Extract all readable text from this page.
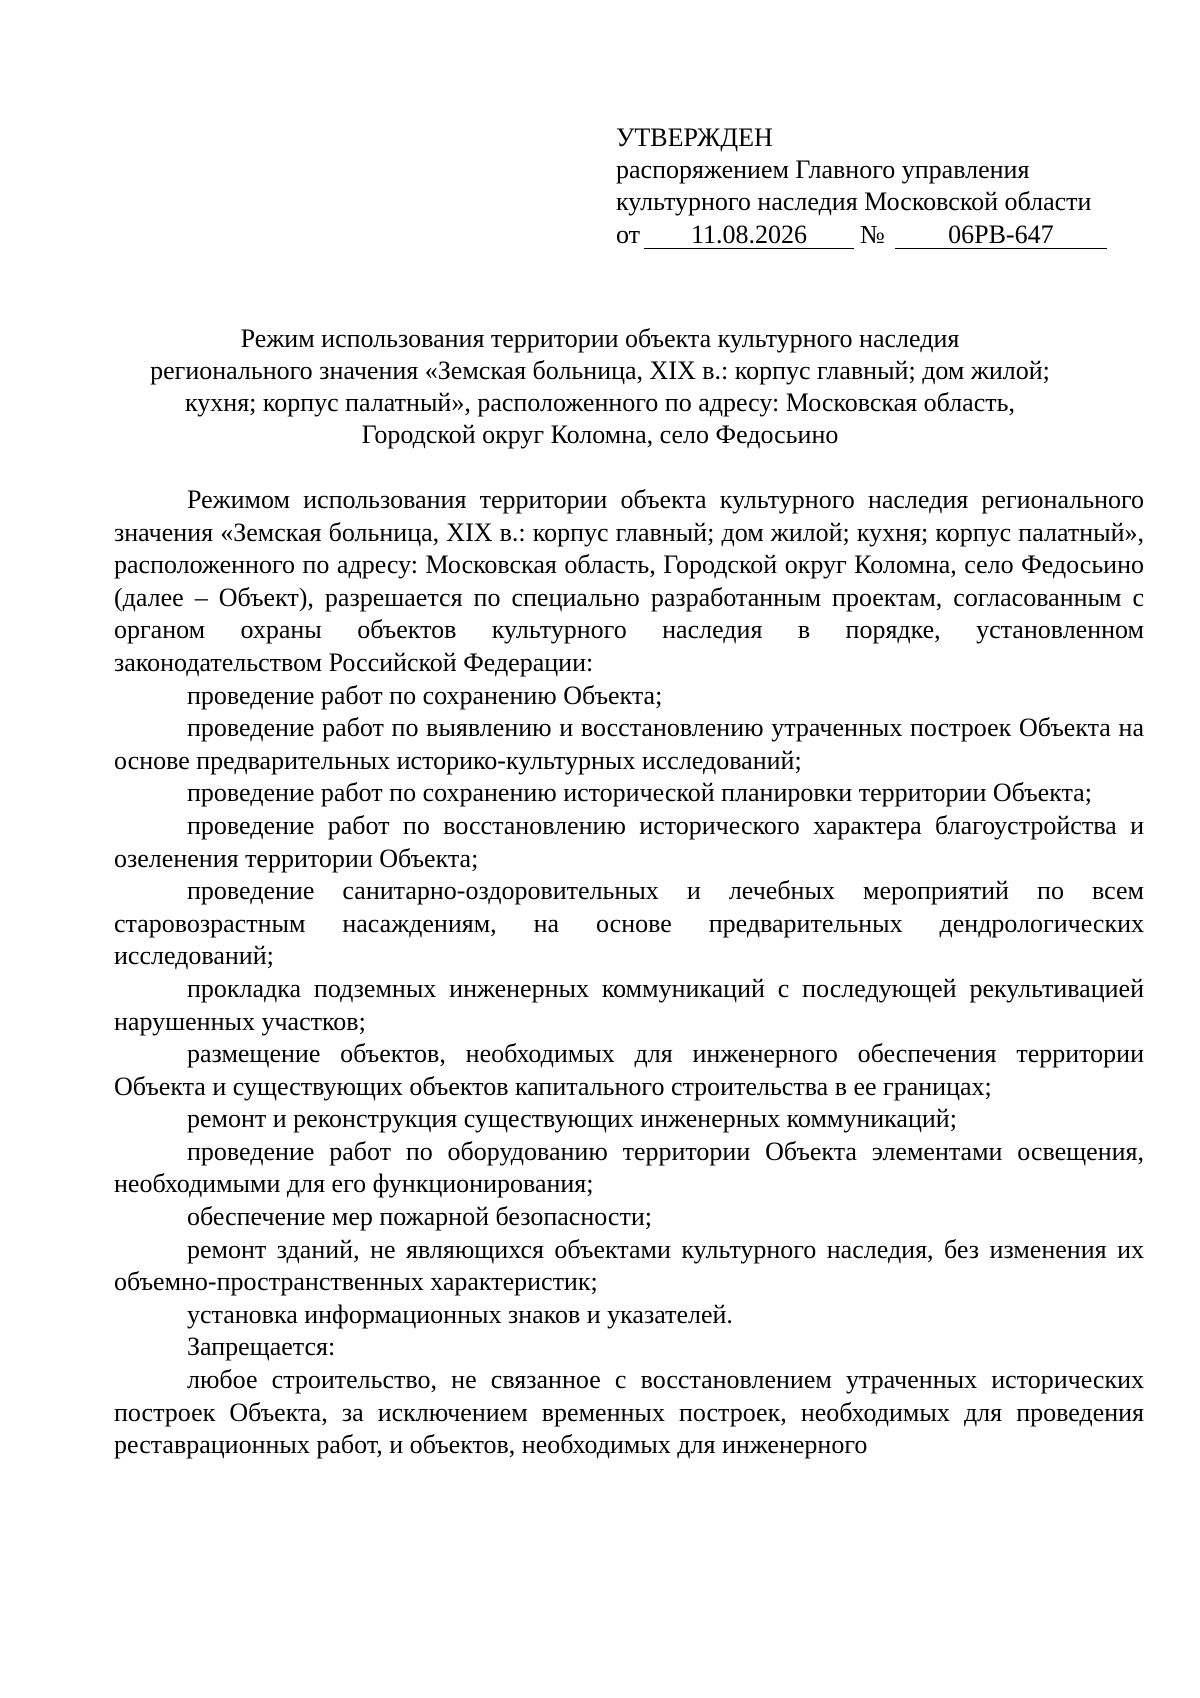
УТВЕРЖДЕН
распоряжением Главного управления
культурного наследия Московской области
от 11.08.2026 № 06РВ-647
Режим использования территории объекта культурного наследия
регионального значения «Земская больница, XIX в.: корпус главный; дом жилой;
кухня; корпус палатный», расположенного по адресу: Московская область,
Городской округ Коломна, село Федосьино

Режимом использования территории объекта культурного наследия регионального значения «Земская больница, XIX в.: корпус главный; дом жилой; кухня; корпус палатный», расположенного по адресу: Московская область, Городской округ Коломна, село Федосьино (далее – Объект), разрешается по специально разработанным проектам, согласованным с органом охраны объектов культурного наследия в порядке, установленном законодательством Российской Федерации:

проведение работ по сохранению Объекта;

проведение работ по выявлению и восстановлению утраченных построек Объекта на основе предварительных историко-культурных исследований;

проведение работ по сохранению исторической планировки территории Объекта;

проведение работ по восстановлению исторического характера благоустройства и озеленения территории Объекта;

проведение санитарно-оздоровительных и лечебных мероприятий по всем старовозрастным насаждениям, на основе предварительных дендрологических исследований;

прокладка подземных инженерных коммуникаций с последующей рекультивацией нарушенных участков;

размещение объектов, необходимых для инженерного обеспечения территории Объекта и существующих объектов капитального строительства в ее границах;

ремонт и реконструкция существующих инженерных коммуникаций;

проведение работ по оборудованию территории Объекта элементами освещения, необходимыми для его функционирования;

обеспечение мер пожарной безопасности;

ремонт зданий, не являющихся объектами культурного наследия, без изменения их объемно-пространственных характеристик;

установка информационных знаков и указателей.

Запрещается:

любое строительство, не связанное с восстановлением утраченных исторических построек Объекта, за исключением временных построек, необходимых для проведения реставрационных работ, и объектов, необходимых для инженерного
